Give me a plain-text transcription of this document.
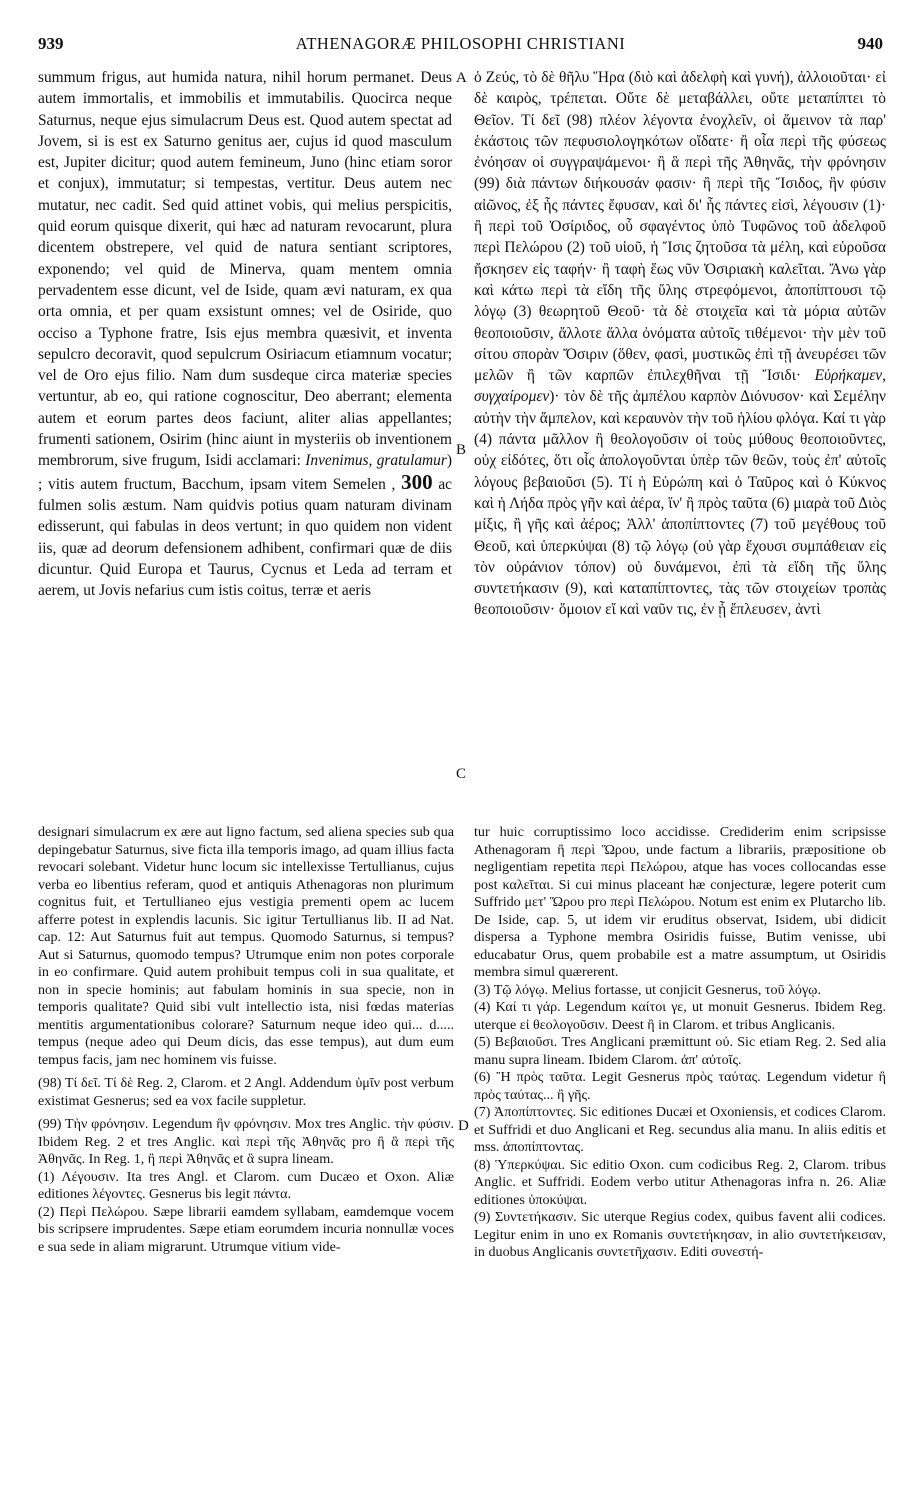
939	ATHENAGORÆ PHILOSOPHI CHRISTIANI	940
A
B
C
D

summum frigus, aut humida natura, nihil horum permanet. Deus autem immortalis, et immobilis et immutabilis. Quocirca neque Saturnus, neque ejus simulacrum Deus est. Quod autem spectat ad Jovem, si is est ex Saturno genitus aer, cujus id quod masculum est, Jupiter dicitur; quod autem femineum, Juno (hinc etiam soror et conjux), immutatur; si tempestas, vertitur. Deus autem nec mutatur, nec cadit. Sed quid attinet vobis, qui melius perspicitis, quid eorum quisque dixerit, qui hæc ad naturam revocarunt, plura dicentem obstrepere, vel quid de natura sentiant scriptores, exponendo; vel quid de Minerva, quam mentem omnia pervadentem esse dicunt, vel de Iside, quam ævi naturam, ex qua orta omnia, et per quam exsistunt omnes; vel de Osiride, quo occiso a Typhone fratre, Isis ejus membra quæsivit, et inventa sepulcro decoravit, quod sepulcrum Osiriacum etiamnum vocatur; vel de Oro ejus filio. Nam dum susdeque circa materiæ species vertuntur, ab eo, qui ratione cognoscitur, Deo aberrant; elementa autem et eorum partes deos faciunt, aliter alias appellantes; frumenti sationem, Osirim (hinc aiunt in mysteriis ob inventionem membrorum, sive frugum, Isidi acclamari: Invenimus, gratulamur) ; vitis autem fructum, Bacchum, ipsam vitem Semelen , 300 ac fulmen solis æstum. Nam quidvis potius quam naturam divinam edisserunt, qui fabulas in deos vertunt; in quo quidem non vident iis, quæ ad deorum defensionem adhibent, confirmari quæ de diis dicuntur. Quid Europa et Taurus, Cycnus et Leda ad terram et aerem, ut Jovis nefarius cum istis coitus, terræ et aeris

ὁ Ζεύς, τὸ δὲ θῆλυ Ἥρα (διὸ καὶ ἀδελφὴ καὶ γυνή), ἀλλοιοῦται· εἰ δὲ καιρὸς, τρέπεται. Οὔτε δὲ μεταβάλλει, οὔτε μεταπίπτει τὸ Θεῖον. Τί δεῖ (98) πλέον λέγοντα ἐνοχλεῖν, οἱ ἄμεινον τὰ παρ' ἑκάστοις τῶν πεφυσιολογηκότων οἴδατε· ἢ οἷα περὶ τῆς φύσεως ἐνόησαν οἱ συγγραψάμενοι· ἢ ἃ περὶ τῆς Ἀθηνᾶς, τὴν φρόνησιν (99) διὰ πάντων διήκουσάν φασιν· ἢ περὶ τῆς Ἴσιδος, ἣν φύσιν αἰῶνος, ἐξ ἧς πάντες ἔφυσαν, καὶ δι' ἧς πάντες εἰσὶ, λέγουσιν (1)· ἢ περὶ τοῦ Ὀσίριδος, οὗ σφαγέντος ὑπὸ Τυφῶνος τοῦ ἀδελφοῦ περὶ Πελώρου (2) τοῦ υἱοῦ, ἡ Ἴσις ζητοῦσα τὰ μέλη, καὶ εὑροῦσα ἤσκησεν εἰς ταφήν· ἢ ταφὴ ἕως νῦν Ὀσιριακὴ καλεῖται. Ἄνω γὰρ καὶ κάτω περὶ τὰ εἴδη τῆς ὕλης στρεφόμενοι, ἀποπίπτουσι τῷ λόγῳ (3) θεωρητοῦ Θεοῦ· τὰ δὲ στοιχεῖα καὶ τὰ μόρια αὐτῶν θεοποιοῦσιν, ἄλλοτε ἄλλα ὀνόματα αὐτοῖς τιθέμενοι· τὴν μὲν τοῦ σίτου σπορὰν Ὄσιριν (ὅθεν, φασὶ, μυστικῶς ἐπὶ τῇ ἀνευρέσει τῶν μελῶν ἢ τῶν καρπῶν ἐπιλεχθῆναι τῇ Ἴσιδι· Εὑρήκαμεν, συγχαίρομεν)· τὸν δὲ τῆς ἀμπέλου καρπὸν Διόνυσον· καὶ Σεμέλην αὐτὴν τὴν ἄμπελον, καὶ κεραυνὸν τὴν τοῦ ἡλίου φλόγα. Καί τι γὰρ (4) πάντα μᾶλλον ἢ θεολογοῦσιν οἱ τοὺς μύθους θεοποιοῦντες, οὐχ εἰδότες, ὅτι οἷς ἀπολογοῦνται ὑπὲρ τῶν θεῶν, τοὺς ἐπ' αὐτοῖς λόγους βεβαιοῦσι (5). Τί ἡ Εὐρώπη καὶ ὁ Ταῦρος καὶ ὁ Κύκνος καὶ ἡ Λήδα πρὸς γῆν καὶ ἀέρα, ἵν' ἢ πρὸς ταῦτα (6) μιαρὰ τοῦ Διὸς μίξις, ἢ γῆς καὶ ἀέρος; Ἀλλ' ἀποπίπτοντες (7) τοῦ μεγέθους τοῦ Θεοῦ, καὶ ὑπερκύψαι (8) τῷ λόγῳ (οὐ γὰρ ἔχουσι συμπάθειαν εἰς τὸν οὐράνιον τόπον) οὐ δυνάμενοι, ἐπὶ τὰ εἴδη τῆς ὕλης συντετήκασιν (9), καὶ καταπίπτοντες, τὰς τῶν στοιχείων τροπὰς θεοποιοῦσιν· ὅμοιον εἴ καὶ ναῦν τις, ἐν ᾗ ἔπλευσεν, ἀντὶ

designari simulacrum ex ære aut ligno factum, sed aliena species sub qua depingebatur Saturnus, sive ficta illa temporis imago, ad quam illius facta revocari solebant. Videtur hunc locum sic intellexisse Tertullianus, cujus verba eo libentius referam, quod et antiquis Athenagoras non plurimum cognitus fuit, et Tertullianeo ejus vestigia prementi opem ac lucem afferre potest in explendis lacunis. Sic igitur Tertullianus lib. II ad Nat. cap. 12: Aut Saturnus fuit aut tempus. Quomodo Saturnus, si tempus? Aut si Saturnus, quomodo tempus? Utrumque enim non potes corporale in eo confirmare. Quid autem prohibuit tempus coli in sua qualitate, et non in specie hominis; aut fabulam hominis in sua specie, non in temporis qualitate? Quid sibi vult intellectio ista, nisi fœdas materias mentitis argumentationibus colorare? Saturnum neque ideo qui... d..... tempus (neque adeo qui Deum dicis, das esse tempus), aut dum eum tempus facis, jam nec hominem vis fuisse.

(98) Τί δεῖ. Τί δὲ Reg. 2, Clarom. et 2 Angl. Addendum ὑμῖν post verbum existimat Gesnerus; sed ea vox facile suppletur.

(99) Τὴν φρόνησιν. Legendum ἣν φρόνησιν. Mox tres Anglic. τὴν φύσιν. Ibidem Reg. 2 et tres Anglic. καὶ περὶ τῆς Ἀθηνᾶς pro ἢ ἃ περὶ τῆς Ἀθηνᾶς. In Reg. 1, ἢ περὶ Ἀθηνᾶς et ἃ supra lineam.

(1) Λέγουσιν. Ita tres Angl. et Clarom. cum Ducæo et Oxon. Aliæ editiones λέγοντες. Gesnerus bis legit πάντα.

(2) Περὶ Πελώρου. Sæpe librarii eamdem syllabam, eamdemque vocem bis scripsere imprudentes. Sæpe etiam eorumdem incuria nonnullæ voces e sua sede in aliam migrarunt. Utrumque vitium vide-

tur huic corruptissimo loco accidisse. Crediderim enim scripsisse Athenagoram ἢ περὶ Ὥρου, unde factum a librariis, præpositione ob negligentiam repetita περὶ Πελώρου, atque has voces collocandas esse post καλεῖται. Si cui minus placeant hæ conjecturæ, legere poterit cum Suffrido μετ' Ὥρου pro περὶ Πελώρου. Notum est enim ex Plutarcho lib. De Iside, cap. 5, ut idem vir eruditus observat, Isidem, ubi didicit dispersa a Typhone membra Osiridis fuisse, Butim venisse, ubi educabatur Orus, quem probabile est a matre assumptum, ut Osiridis membra simul quærerent.

(3) Τῷ λόγῳ. Melius fortasse, ut conjicit Gesnerus, τοῦ λόγῳ.

(4) Καί τι γάρ. Legendum καίτοι γε, ut monuit Gesnerus. Ibidem Reg. uterque εἰ θεολογοῦσιν. Deest ἢ in Clarom. et tribus Anglicanis.

(5) Βεβαιοῦσι. Tres Anglicani præmittunt οὐ. Sic etiam Reg. 2. Sed alia manu supra lineam. Ibidem Clarom. ἀπ' αὐτοῖς.

(6) Ἢ πρὸς ταῦτα. Legit Gesnerus πρὸς ταύτας. Legendum videtur ἢ πρὸς ταύτας... ἢ γῆς.

(7) Ἀποπίπτοντες. Sic editiones Ducæi et Oxoniensis, et codices Clarom. et Suffridi et duo Anglicani et Reg. secundus alia manu. In aliis editis et mss. ἀποπίπτοντας.

(8) Ὑπερκύψαι. Sic editio Oxon. cum codicibus Reg. 2, Clarom. tribus Anglic. et Suffridi. Eodem verbo utitur Athenagoras infra n. 26. Aliæ editiones ὑποκύψαι.

(9) Συντετήκασιν. Sic uterque Regius codex, quibus favent alii codices. Legitur enim in uno ex Romanis συντετήκησαν, in alio συντετήκεισαν, in duobus Anglicanis συντετῆχασιν. Editi συνεστή-
